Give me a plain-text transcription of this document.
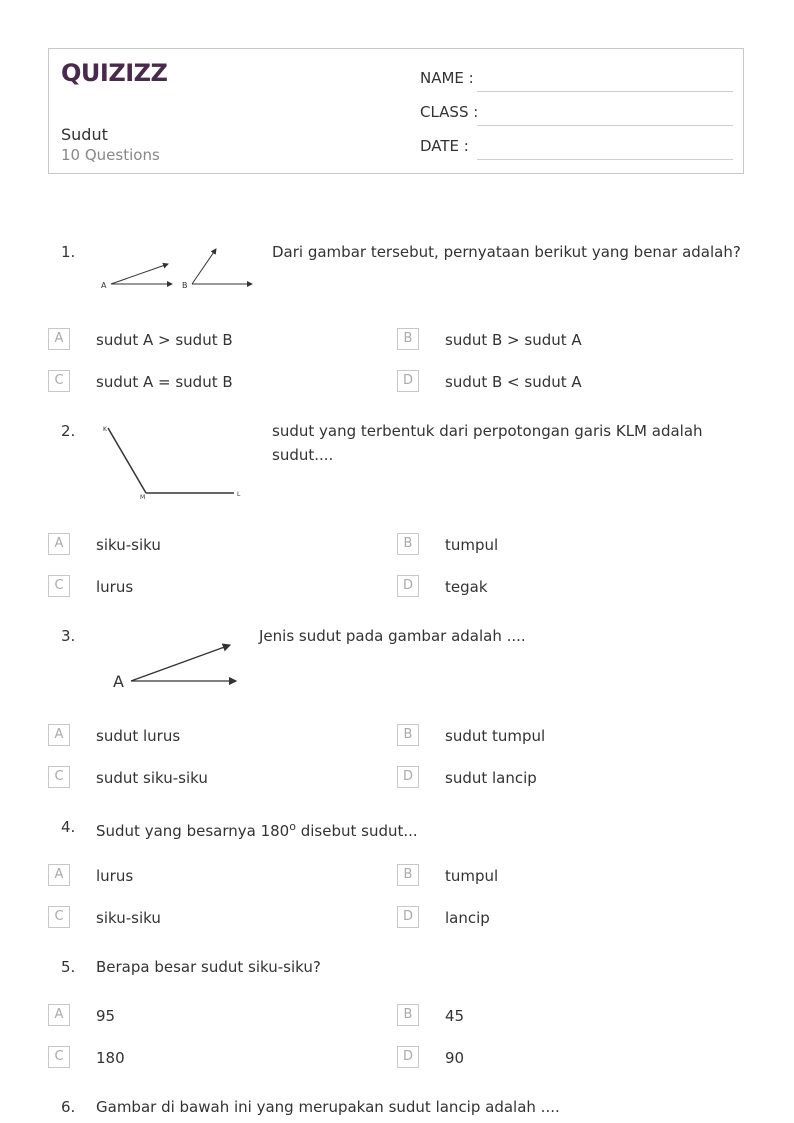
QUIZIZZ
Sudut
10 Questions
NAME :
CLASS :
DATE :
1.
A	B
Dari gambar tersebut, pernyataan berikut yang benar adalah?
A	sudut A > sudut B	B	sudut B > sudut A
C	sudut A = sudut B	D	sudut B < sudut A
2.	K
M	L
sudut yang terbentuk dari perpotongan garis KLM adalah
sudut....
A	siku-siku	B	tumpul
C	lurus	D	tegak
3.
A
Jenis sudut pada gambar adalah ....
A	sudut lurus	B	sudut tumpul
C	sudut siku-siku	D	sudut lancip
4. Sudut yang besarnya 180$^o$ disebut sudut...
A	lurus	B	tumpul
C	siku-siku	D	lancip
5. Berapa besar sudut siku-siku?
A	95	B	45
C	180	D	90
6. Gambar di bawah ini yang merupakan sudut lancip adalah ....
